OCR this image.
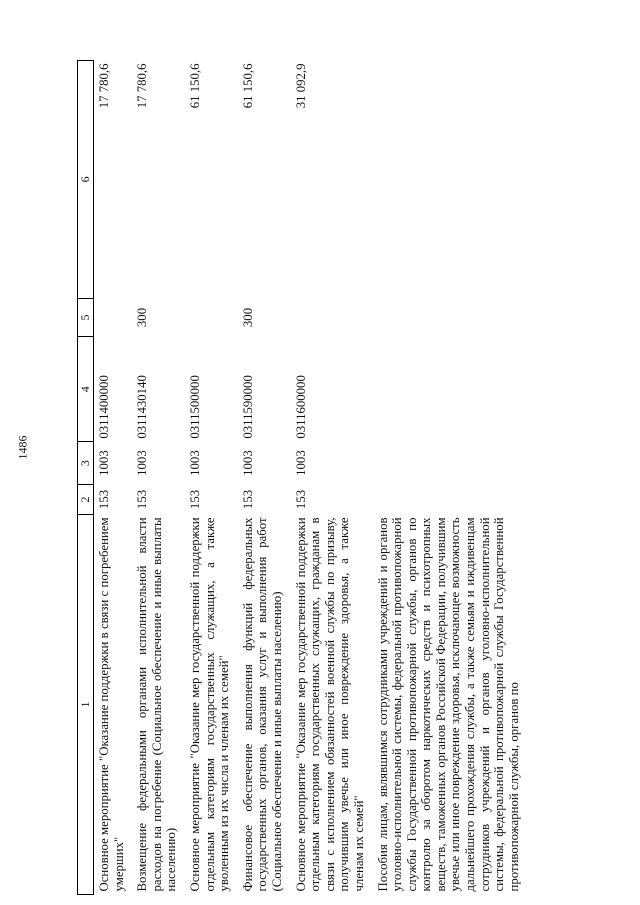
1486
1	2	3	4	5	6
Основное мероприятие "Оказание поддержки в связи с погребением умерших"	153	1003	0311400000		17 780,6
Возмещение федеральными органами исполнительной власти расходов на погребение (Социальное обеспечение и иные выплаты населению)	153	1003	0311430140	300	17 780,6
Основное мероприятие "Оказание мер государственной поддержки отдельным категориям государственных служащих, а также уволенным из их числа и членам их семей"	153	1003	0311500000		61 150,6
Финансовое обеспечение выполнения функций федеральных государственных органов, оказания услуг и выполнения работ (Социальное обеспечение и иные выплаты населению)	153	1003	0311590000	300	61 150,6
Основное мероприятие "Оказание мер государственной поддержки отдельным категориям государственных служащих, гражданам в связи с исполнением обязанностей военной службы по призыву, получившим увечье или иное повреждение здоровья, а также членам их семей"	153	1003	0311600000		31 092,9
Пособия лицам, являвшимся сотрудниками учреждений и органов уголовно-исполнительной системы, федеральной противопожарной службы Государственной противопожарной службы, органов по контролю за оборотом наркотических средств и психотропных веществ, таможенных органов Российской Федерации, получившим увечье или иное повреждение здоровья, исключающее возможность дальнейшего прохождения службы, а также семьям и иждивенцам сотрудников учреждений и органов уголовно-исполнительной системы, федеральной противопожарной службы Государственной противопожарной службы, органов по					
